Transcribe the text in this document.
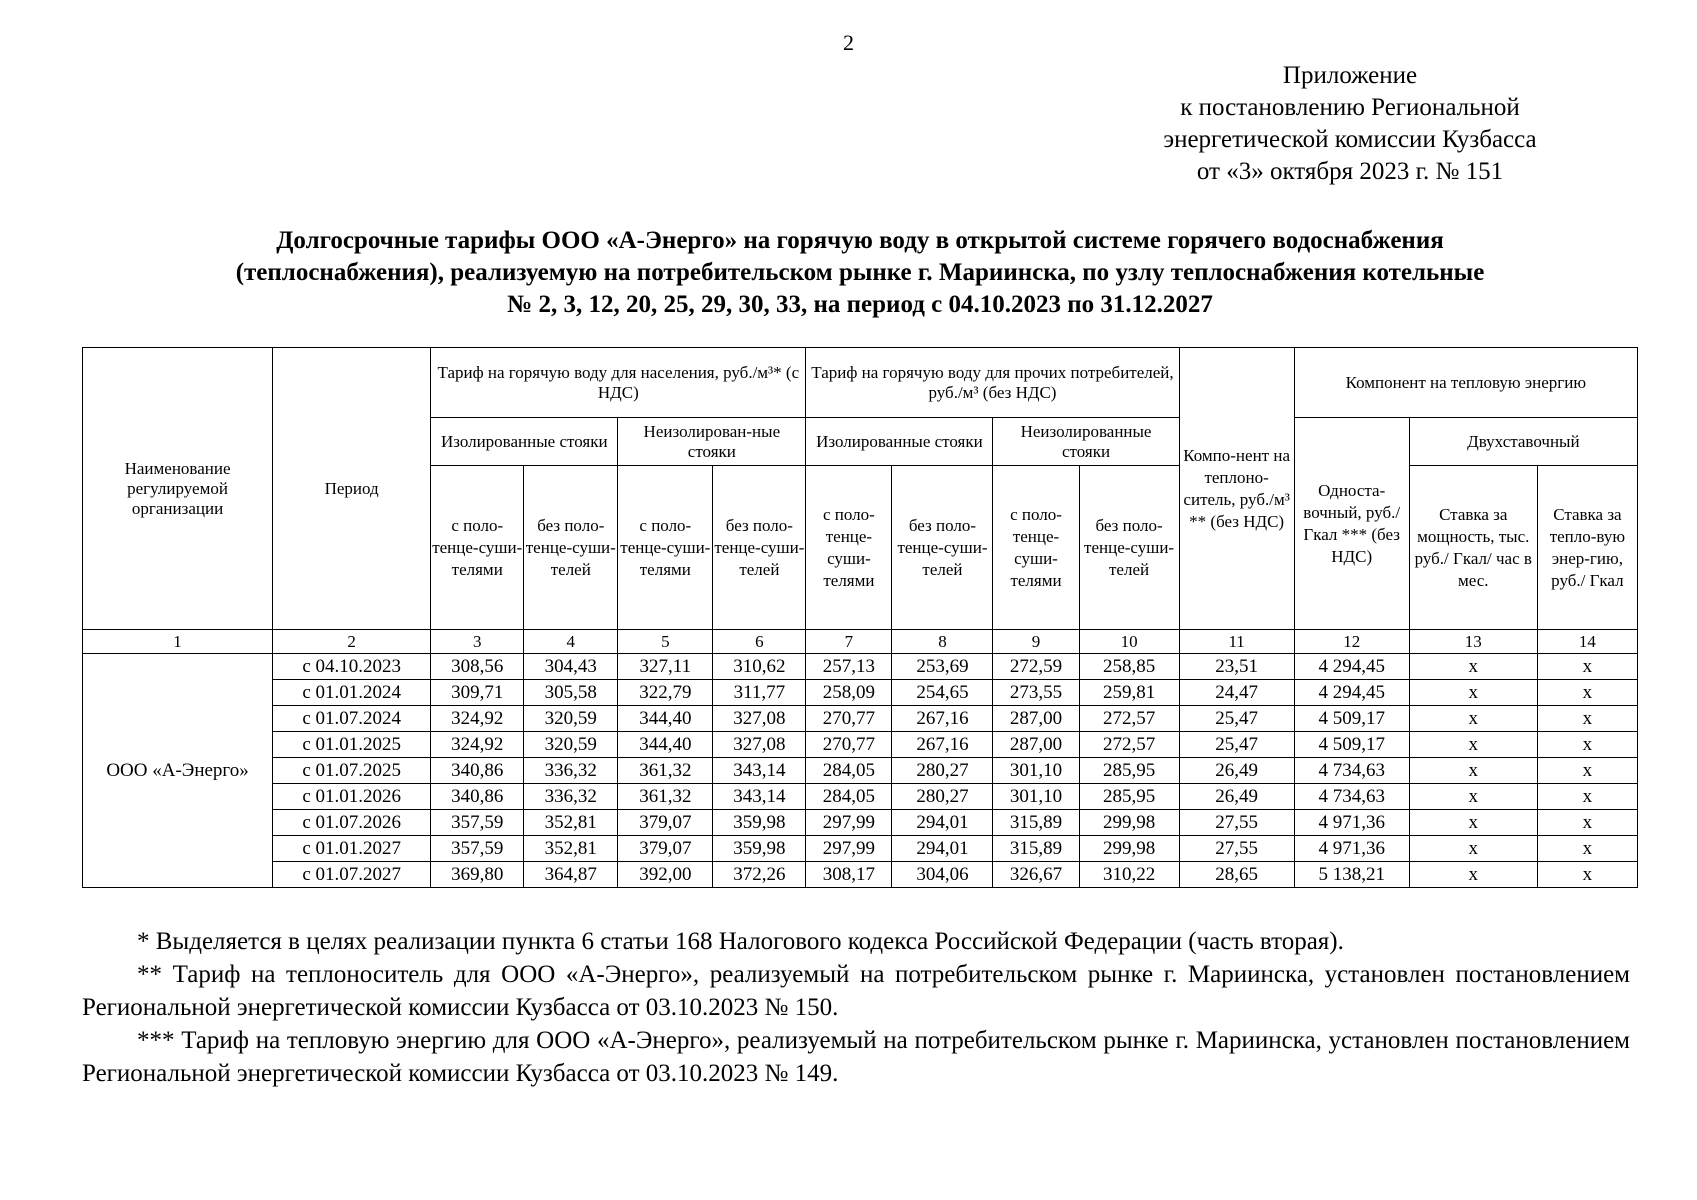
2
Приложение
к постановлению Региональной
энергетической комиссии Кузбасса
от «3» октября 2023 г. № 151
Долгосрочные тарифы ООО «А-Энерго» на горячую воду в открытой системе горячего водоснабжения
(теплоснабжения), реализуемую на потребительском рынке г. Мариинска, по узлу теплоснабжения котельные
№ 2, 3, 12, 20, 25, 29, 30, 33, на период с 04.10.2023 по 31.12.2027
Наименование регулируемой организации	Период	Тариф на горячую воду для населения, руб./м³* (с НДС)				Тариф на горячую воду для прочих потребителей, руб./м³ (без НДС)				Компо-нент на теплоно-ситель, руб./м³ ** (без НДС)	Компонент на тепловую энергию		
		Изолированные стояки		Неизолирован-ные стояки		Изолированные стояки		Неизолированные стояки			Односта-вочный, руб./Гкал *** (без НДС)	Двухставочный	
		с поло-тенце-суши-телями	без поло-тенце-суши-телей	с поло-тенце-суши-телями	без поло-тенце-суши-телей	с поло-тенце-суши-телями	без поло-тенце-суши-телей	с поло-тенце-суши-телями	без поло-тенце-суши-телей			Ставка за мощность, тыс. руб./ Гкал/ час в мес.	Ставка за тепло-вую энер-гию, руб./ Гкал
1	2	3	4	5	6	7	8	9	10	11	12	13	14
ООО «А-Энерго»	с 04.10.2023	308,56	304,43	327,11	310,62	257,13	253,69	272,59	258,85	23,51	4 294,45	x	x
	с 01.01.2024	309,71	305,58	322,79	311,77	258,09	254,65	273,55	259,81	24,47	4 294,45	x	x
	с 01.07.2024	324,92	320,59	344,40	327,08	270,77	267,16	287,00	272,57	25,47	4 509,17	x	x
	с 01.01.2025	324,92	320,59	344,40	327,08	270,77	267,16	287,00	272,57	25,47	4 509,17	x	x
	с 01.07.2025	340,86	336,32	361,32	343,14	284,05	280,27	301,10	285,95	26,49	4 734,63	x	x
	с 01.01.2026	340,86	336,32	361,32	343,14	284,05	280,27	301,10	285,95	26,49	4 734,63	x	x
	с 01.07.2026	357,59	352,81	379,07	359,98	297,99	294,01	315,89	299,98	27,55	4 971,36	x	x
	с 01.01.2027	357,59	352,81	379,07	359,98	297,99	294,01	315,89	299,98	27,55	4 971,36	x	x
	с 01.07.2027	369,80	364,87	392,00	372,26	308,17	304,06	326,67	310,22	28,65	5 138,21	x	x

* Выделяется в целях реализации пункта 6 статьи 168 Налогового кодекса Российской Федерации (часть вторая).

** Тариф на теплоноситель для ООО «А-Энерго», реализуемый на потребительском рынке г. Мариинска, установлен постановлением Региональной энергетической комиссии Кузбасса от 03.10.2023 № 150.

*** Тариф на тепловую энергию для ООО «А-Энерго», реализуемый на потребительском рынке г. Мариинска, установлен постановлением Региональной энергетической комиссии Кузбасса от 03.10.2023 № 149.
